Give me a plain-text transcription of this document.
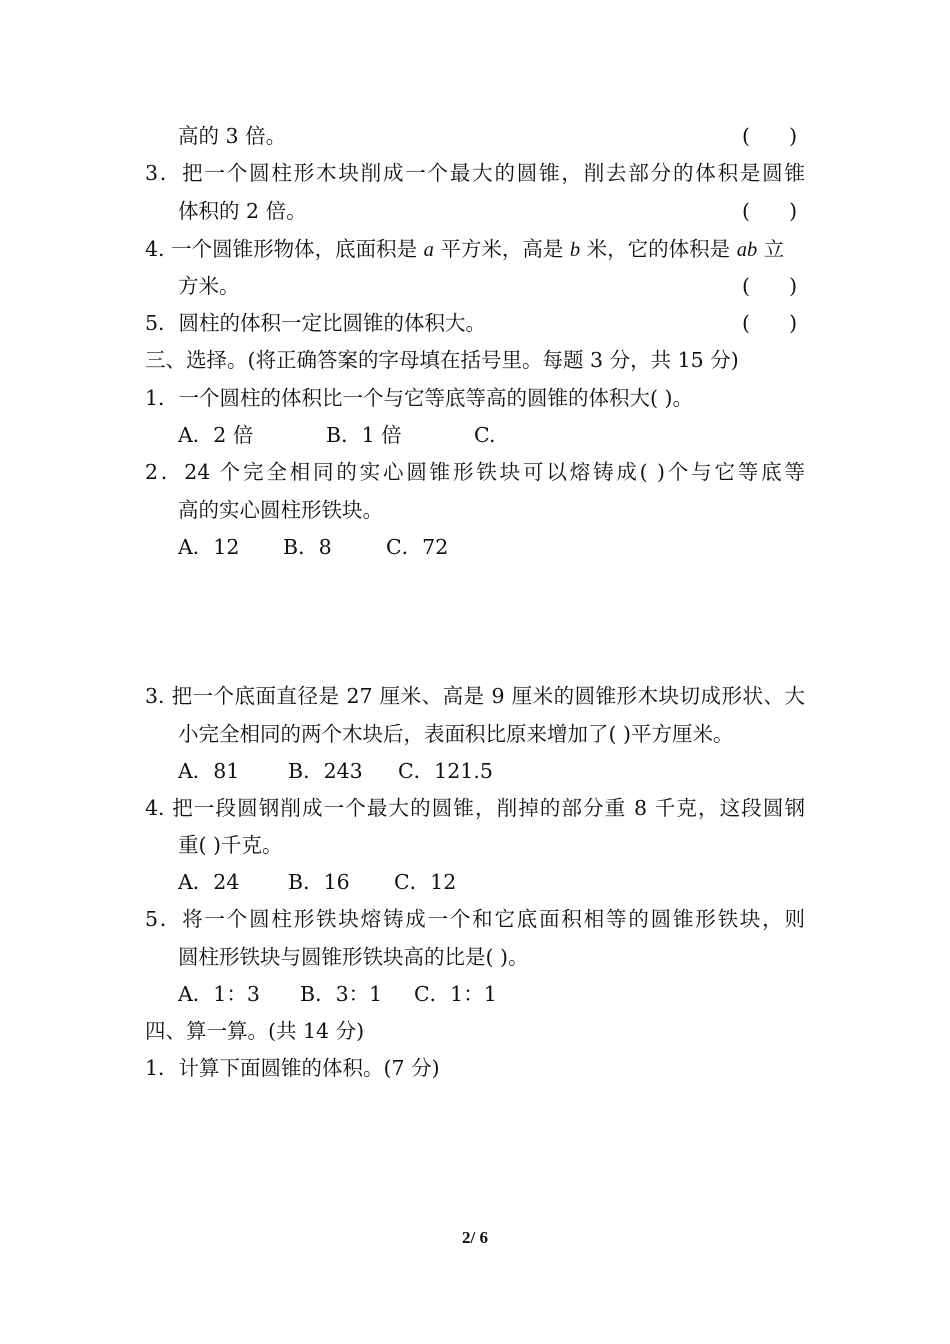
高的 3 倍。	(      )
3．把一个圆柱形木块削成一个最大的圆锥，削去部分的体积是圆锥
体积的 2 倍。	(      )
4. 一个圆锥形物体，底面积是 a 平方米，高是 b 米，它的体积是 ab 立
方米。	(      )
5．圆柱的体积一定比圆锥的体积大。	(      )
三、选择。(将正确答案的字母填在括号里。每题 3 分，共 15 分)
1．一个圆柱的体积比一个与它等底等高的圆锥的体积大( )。
A．2 倍	B．1 倍	C.
2．24 个完全相同的实心圆锥形铁块可以熔铸成( )个与它等底等
高的实心圆柱形铁块。
A．12 B．8	C．72
3. 把一个底面直径是 27 厘米、高是 9 厘米的圆锥形木块切成形状、大
小完全相同的两个木块后，表面积比原来增加了( )平方厘米。
A．81 B．243 C．121.5
4. 把一段圆钢削成一个最大的圆锥，削掉的部分重 8 千克，这段圆钢
重( )千克。
A．24 B．16 C．12
5．将一个圆柱形铁块熔铸成一个和它底面积相等的圆锥形铁块，则
圆柱形铁块与圆锥形铁块高的比是( )。
A．1：3 B．3：1 C．1：1
四、算一算。(共 14 分)
1．计算下面圆锥的体积。(7 分)
2/ 6
